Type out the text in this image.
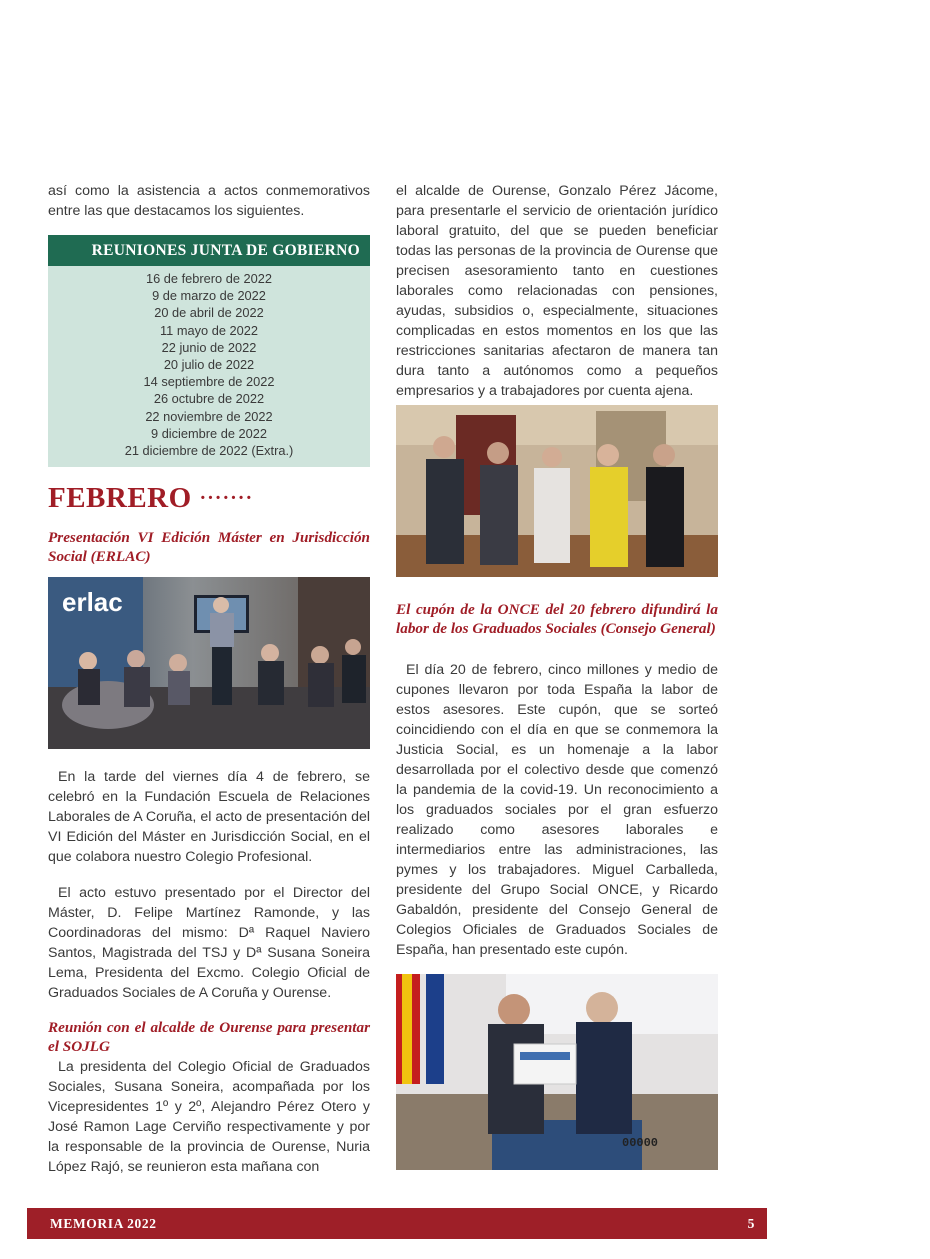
así como la asistencia a actos conmemorativos entre las que destacamos los siguientes.

REUNIONES JUNTA DE GOBIERNO
16 de febrero de 2022
9 de marzo de 2022
20 de abril de 2022
11 mayo de 2022
22 junio de 2022
20 julio de 2022
14 septiembre de 2022
26 octubre de 2022
22 noviembre de 2022
9 diciembre de 2022
21 diciembre de 2022 (Extra.)
FEBRERO ·······

Presentación VI Edición Máster en Jurisdicción Social (ERLAC)

erlac

En la tarde del viernes día 4 de febrero, se celebró en la Fundación Escuela de Relaciones Laborales de A Coruña, el acto de presentación del VI Edición del Máster en Jurisdicción Social, en el que colabora nuestro Colegio Profesional.

El acto estuvo presentado por el Director del Máster, D. Felipe Martínez Ramonde, y las Coordinadoras del mismo: Dª Raquel Naviero Santos, Magistrada del TSJ y Dª Susana Soneira Lema, Presidenta del Excmo. Colegio Oficial de Graduados Sociales de A Coruña y Ourense.

Reunión con el alcalde de Ourense para presentar el SOJLG

La presidenta del Colegio Oficial de Graduados Sociales, Susana Soneira, acompañada por los Vicepresidentes 1º y 2º, Alejandro Pérez Otero y José Ramon Lage Cerviño respectivamente y por la responsable de la provincia de Ourense, Nuria López Rajó, se reunieron esta mañana con

el alcalde de Ourense, Gonzalo Pérez Jácome, para presentarle el servicio de orientación jurídico laboral gratuito, del que se pueden beneficiar todas las personas de la provincia de Ourense que precisen asesoramiento tanto en cuestiones laborales como relacionadas con pensiones, ayudas, subsidios o, especialmente, situaciones complicadas en estos momentos en los que las restricciones sanitarias afectaron de manera tan dura tanto a autónomos como a pequeños empresarios y a trabajadores por cuenta ajena.

El cupón de la ONCE del 20 febrero difundirá la labor de los Graduados Sociales (Consejo General)

El día 20 de febrero, cinco millones y medio de cupones llevaron por toda España la labor de estos asesores. Este cupón, que se sorteó coincidiendo con el día en que se conmemora la Justicia Social, es un homenaje a la labor desarrollada por el colectivo desde que comenzó la pandemia de la covid-19. Un reconocimiento a los graduados sociales por el gran esfuerzo realizado como asesores laborales e intermediarios entre las administraciones, las pymes y los trabajadores. Miguel Carballeda, presidente del Grupo Social ONCE, y Ricardo Gabaldón, presidente del Consejo General de Colegios Oficiales de Graduados Sociales de España, han presentado este cupón.

00000
MEMORIA 2022	5
